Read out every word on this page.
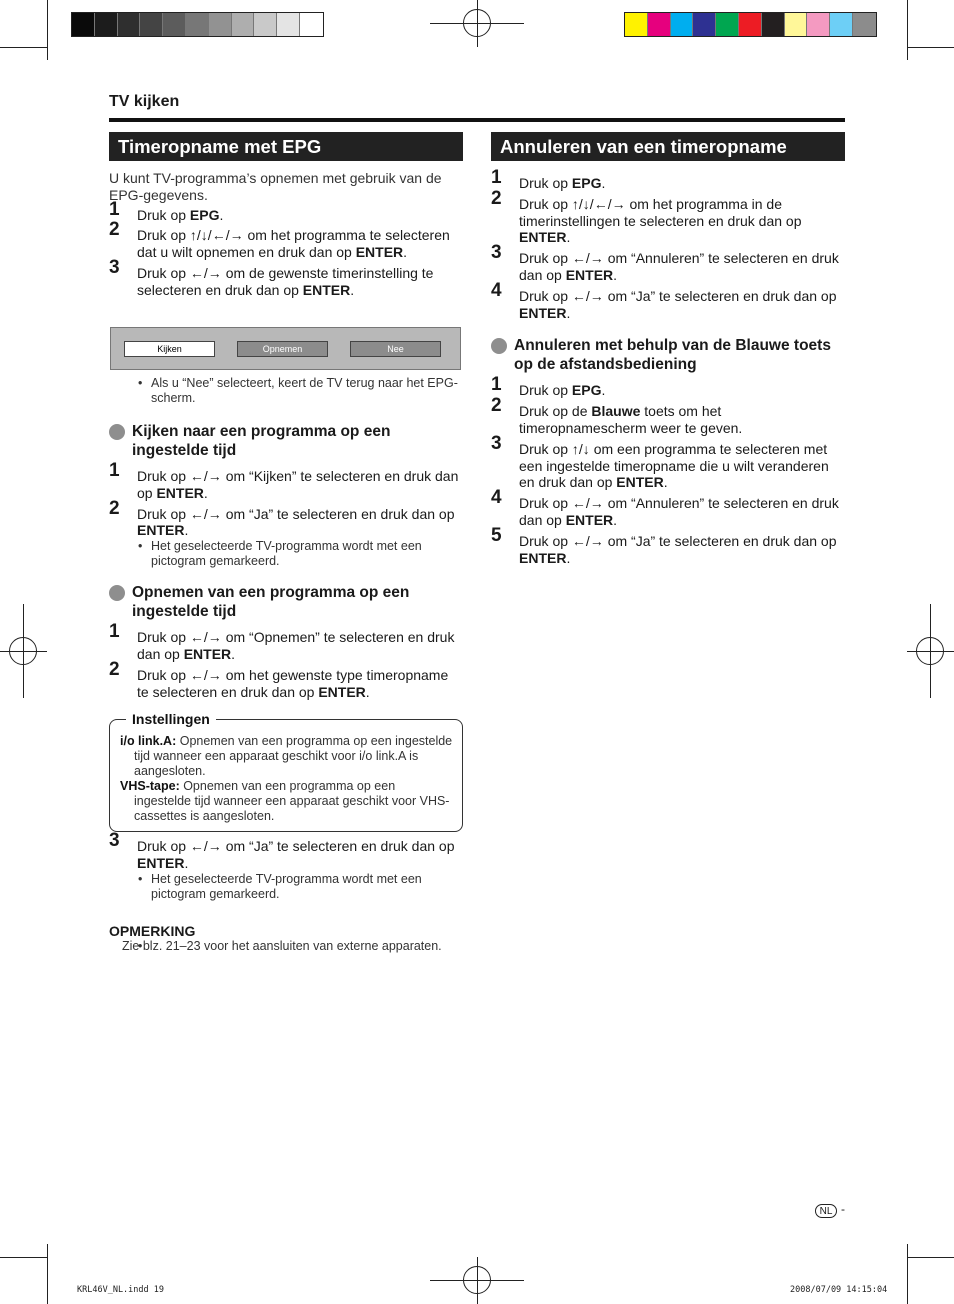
TV kijken
Timeropname met EPG

U kunt TV-programma’s opnemen met gebruik van de EPG-gegevens.

1 Druk op EPG.
2 Druk op ↑/↓/←/→ om het programma te selecteren dat u wilt opnemen en druk dan op ENTER.
3 Druk op ←/→ om de gewenste timerinstelling te selecteren en druk dan op ENTER.
Kijken	Opnemen	Nee
• Als u “Nee” selecteert, keert de TV terug naar het EPG-scherm.
Kijken naar een programma op een ingestelde tijd
1 Druk op ←/→ om “Kijken” te selecteren en druk dan op ENTER.
2 Druk op ←/→ om “Ja” te selecteren en druk dan op ENTER.
• Het geselecteerde TV-programma wordt met een pictogram gemarkeerd.
Opnemen van een programma op een ingestelde tijd
1 Druk op ←/→ om “Opnemen” te selecteren en druk dan op ENTER.
2 Druk op ←/→ om het gewenste type timeropname te selecteren en druk dan op ENTER.
Instellingen
i/o link.A: Opnemen van een programma op een ingestelde tijd wanneer een apparaat geschikt voor i/o link.A is aangesloten.
VHS-tape: Opnemen van een programma op een ingestelde tijd wanneer een apparaat geschikt voor VHS-cassettes is aangesloten.
3 Druk op ←/→ om “Ja” te selecteren en druk dan op ENTER.
• Het geselecteerde TV-programma wordt met een pictogram gemarkeerd.
OPMERKING
• Zie blz. 21–23 voor het aansluiten van externe apparaten.
Annuleren van een timeropname
1 Druk op EPG.
2 Druk op ↑/↓/←/→ om het programma in de timerinstellingen te selecteren en druk dan op ENTER.
3 Druk op ←/→ om “Annuleren” te selecteren en druk dan op ENTER.
4 Druk op ←/→ om “Ja” te selecteren en druk dan op ENTER.
Annuleren met behulp van de Blauwe toets op de afstandsbediening
1 Druk op EPG.
2 Druk op de Blauwe toets om het timeropnamescherm weer te geven.
3 Druk op ↑/↓ om een programma te selecteren met een ingestelde timeropname die u wilt veranderen en druk dan op ENTER.
4 Druk op ←/→ om “Annuleren” te selecteren en druk dan op ENTER.
5 Druk op ←/→ om “Ja” te selecteren en druk dan op ENTER.
NL -
KRL46V_NL.indd 19	2008/07/09 14:15:04
